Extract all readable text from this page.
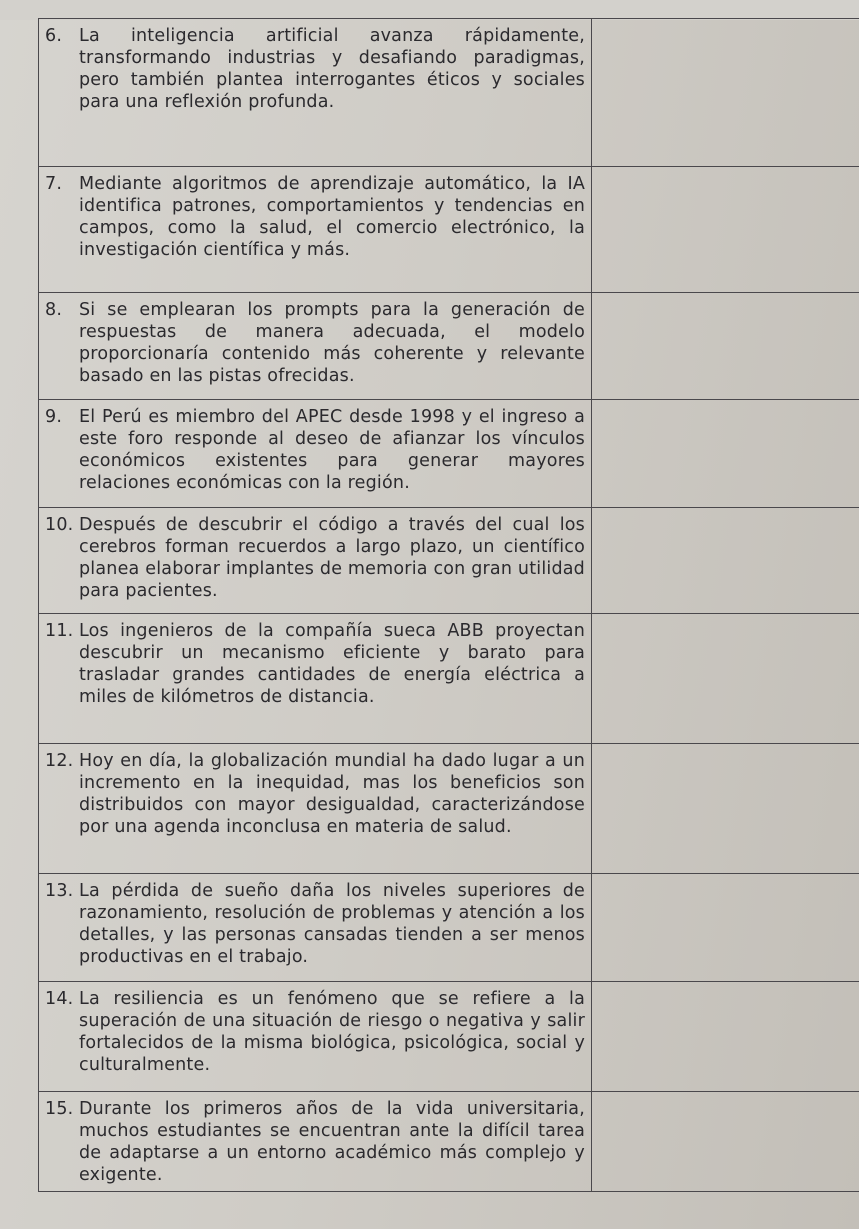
6. La inteligencia artificial avanza rápidamente, transformando industrias y desafiando paradigmas, pero también plantea interrogantes éticos y sociales para una reflexión profunda.	

7. Mediante algoritmos de aprendizaje automático, la IA identifica patrones, comportamientos y tendencias en campos, como la salud, el comercio electrónico, la investigación científica y más.	

8. Si se emplearan los prompts para la generación de respuestas de manera adecuada, el modelo proporcionaría contenido más coherente y relevante basado en las pistas ofrecidas.	

9. El Perú es miembro del APEC desde 1998 y el ingreso a este foro responde al deseo de afianzar los vínculos económicos existentes para generar mayores relaciones económicas con la región.	

10. Después de descubrir el código a través del cual los cerebros forman recuerdos a largo plazo, un científico planea elaborar implantes de memoria con gran utilidad para pacientes.	

11. Los ingenieros de la compañía sueca ABB proyectan descubrir un mecanismo eficiente y barato para trasladar grandes cantidades de energía eléctrica a miles de kilómetros de distancia.	

12. Hoy en día, la globalización mundial ha dado lugar a un incremento en la inequidad, mas los beneficios son distribuidos con mayor desigualdad, caracterizándose por una agenda inconclusa en materia de salud.	

13. La pérdida de sueño daña los niveles superiores de razonamiento, resolución de problemas y atención a los detalles, y las personas cansadas tienden a ser menos productivas en el trabajo.	

14. La resiliencia es un fenómeno que se refiere a la superación de una situación de riesgo o negativa y salir fortalecidos de la misma biológica, psicológica, social y culturalmente.	

15. Durante los primeros años de la vida universitaria, muchos estudiantes se encuentran ante la difícil tarea de adaptarse a un entorno académico más complejo y exigente.	
